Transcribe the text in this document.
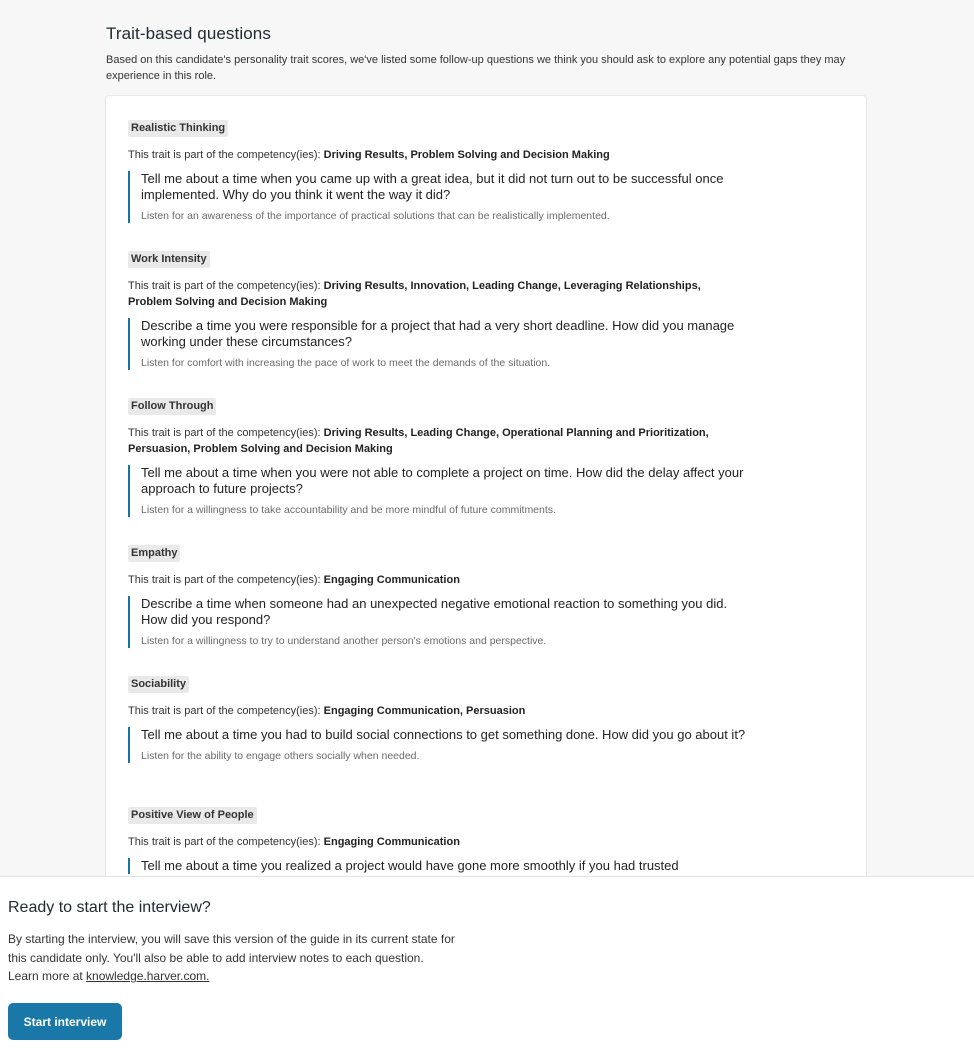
Trait-based questions

Based on this candidate's personality trait scores, we've listed some follow-up questions we think you should ask to explore any potential gaps they may experience in this role.

Realistic Thinking
This trait is part of the competency(ies): Driving Results, Problem Solving and Decision Making
Tell me about a time when you came up with a great idea, but it did not turn out to be successful once implemented. Why do you think it went the way it did?
Listen for an awareness of the importance of practical solutions that can be realistically implemented.
Work Intensity
This trait is part of the competency(ies): Driving Results, Innovation, Leading Change, Leveraging Relationships, Problem Solving and Decision Making
Describe a time you were responsible for a project that had a very short deadline. How did you manage working under these circumstances?
Listen for comfort with increasing the pace of work to meet the demands of the situation.
Follow Through
This trait is part of the competency(ies): Driving Results, Leading Change, Operational Planning and Prioritization, Persuasion, Problem Solving and Decision Making
Tell me about a time when you were not able to complete a project on time. How did the delay affect your approach to future projects?
Listen for a willingness to take accountability and be more mindful of future commitments.
Empathy
This trait is part of the competency(ies): Engaging Communication
Describe a time when someone had an unexpected negative emotional reaction to something you did. How did you respond?
Listen for a willingness to try to understand another person's emotions and perspective.
Sociability
This trait is part of the competency(ies): Engaging Communication, Persuasion
Tell me about a time you had to build social connections to get something done. How did you go about it?
Listen for the ability to engage others socially when needed.
Positive View of People
This trait is part of the competency(ies): Engaging Communication
Tell me about a time you realized a project would have gone more smoothly if you had trusted
Ready to start the interview?
By starting the interview, you will save this version of the guide in its current state for
this candidate only. You'll also be able to add interview notes to each question.
Learn more at knowledge.harver.com.
Start interview
